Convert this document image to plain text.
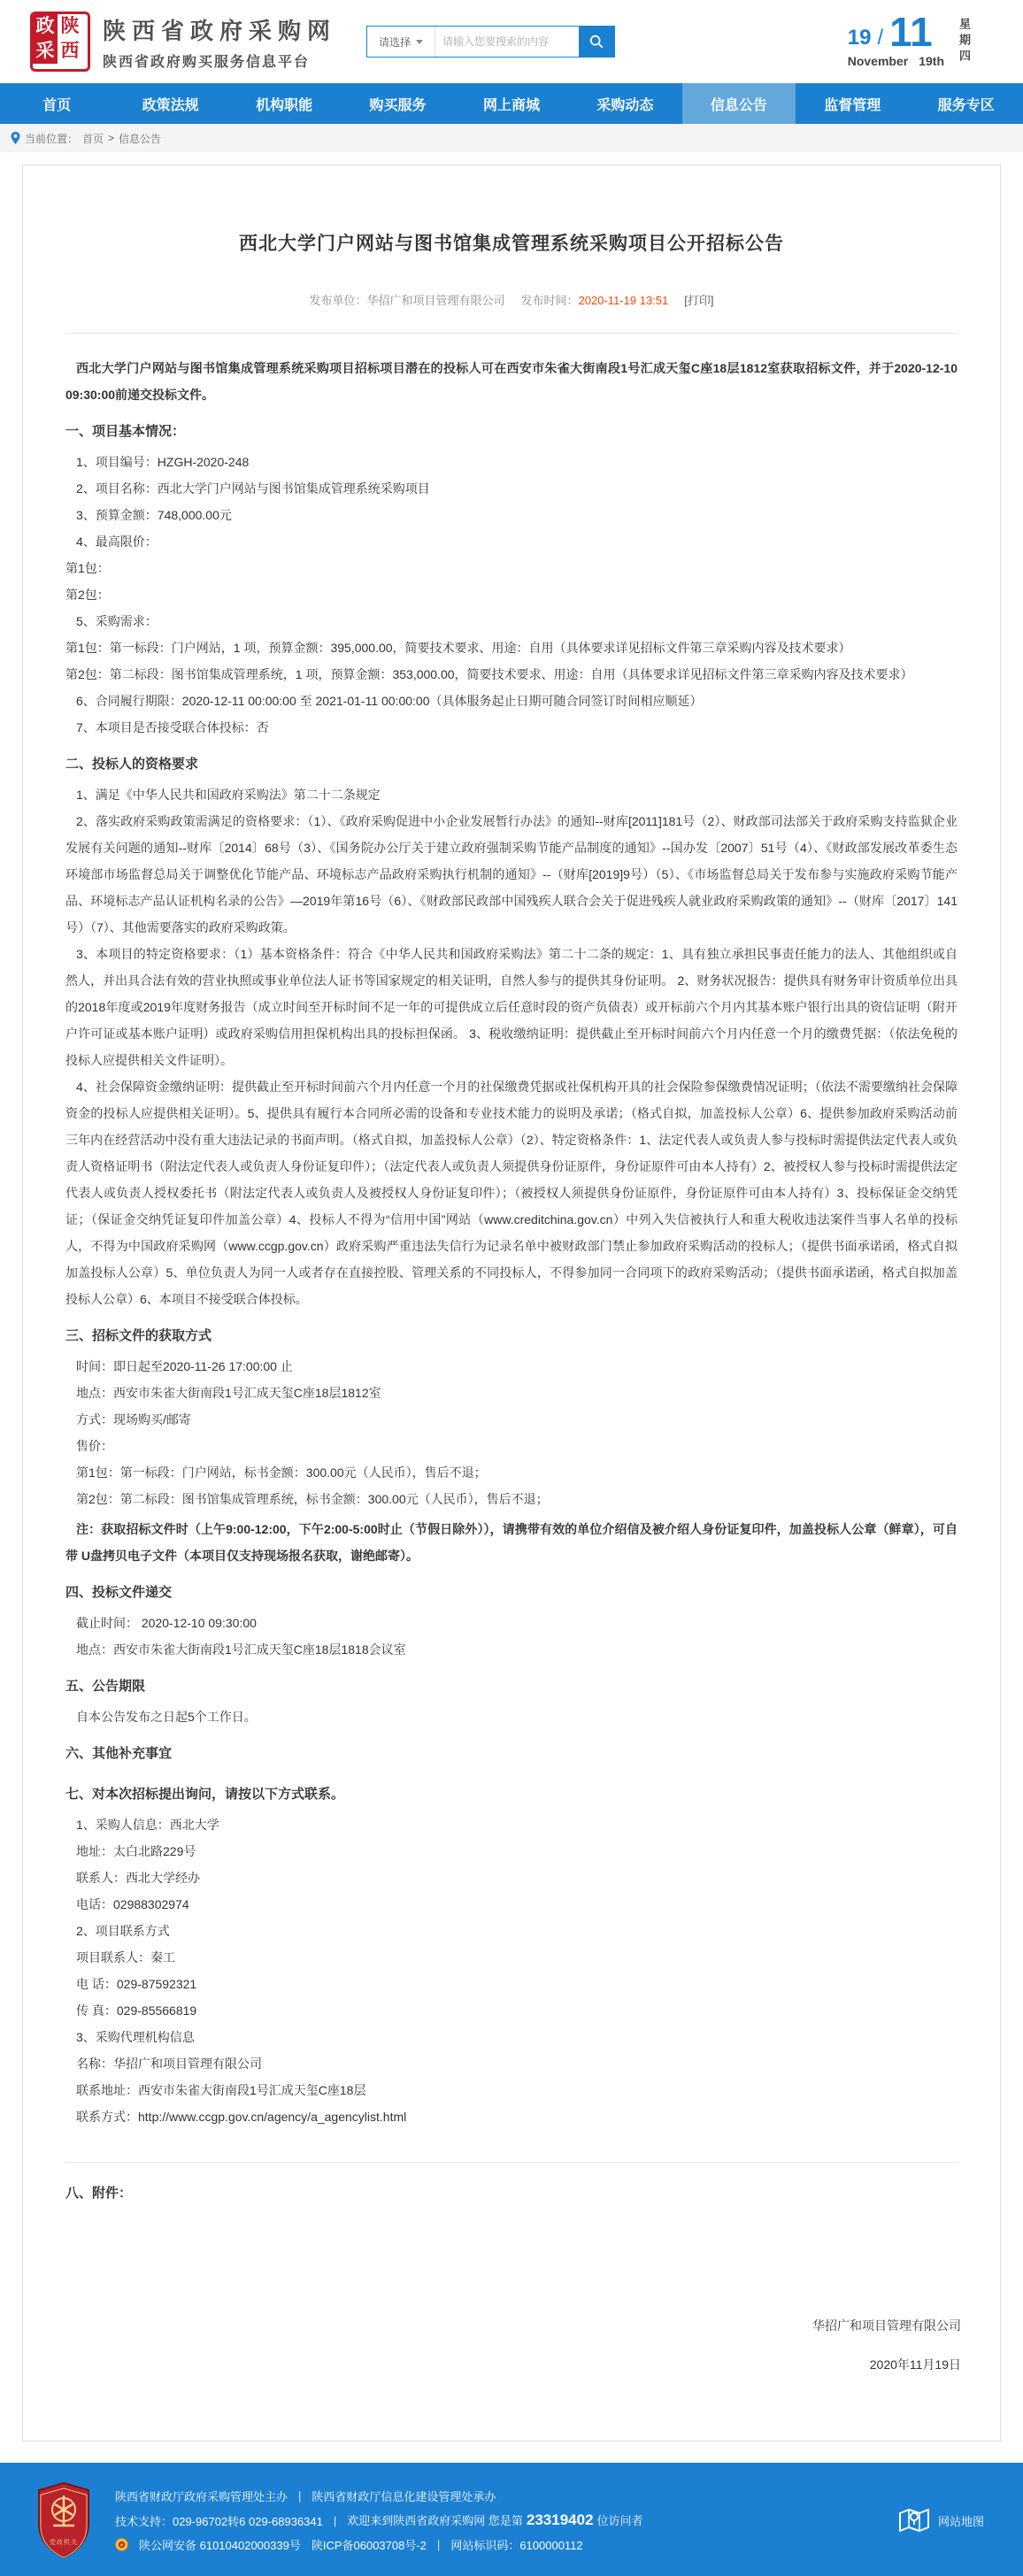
政 陕
采 西
陕西省政府采购网
陕西省政府购买服务信息平台
请选择
请输入您要搜索的内容	19 / 11
November 19th 星期四
首页	政策法规	机构职能	购买服务	网上商城	采购动态	信息公告	监督管理	服务专区
当前位置： 首页 > 信息公告
西北大学门户网站与图书馆集成管理系统采购项目公开招标公告
发布单位：华招广和项目管理有限公司 发布时间：2020-11-19 13:51 [打印]

西北大学门户网站与图书馆集成管理系统采购项目招标项目潜在的投标人可在西安市朱雀大街南段1号汇成天玺C座18层1812室获取招标文件，并于2020-12-10 09:30:00前递交投标文件。

一、项目基本情况：

1、项目编号：HZGH-2020-248

2、项目名称：西北大学门户网站与图书馆集成管理系统采购项目

3、预算金额：748,000.00元

4、最高限价：

第1包：

第2包：

5、采购需求：

第1包：第一标段：门户网站，1 项，预算金额：395,000.00，简要技术要求、用途：自用（具体要求详见招标文件第三章采购内容及技术要求）

第2包：第二标段：图书馆集成管理系统，1 项，预算金额：353,000.00，简要技术要求、用途：自用（具体要求详见招标文件第三章采购内容及技术要求）

6、合同履行期限：2020-12-11 00:00:00 至 2021-01-11 00:00:00（具体服务起止日期可随合同签订时间相应顺延）

7、本项目是否接受联合体投标：否

二、投标人的资格要求

1、满足《中华人民共和国政府采购法》第二十二条规定

2、落实政府采购政策需满足的资格要求：（1）、《政府采购促进中小企业发展暂行办法》的通知--财库[2011]181号（2）、财政部司法部关于政府采购支持监狱企业发展有关问题的通知--财库〔2014〕68号（3）、《国务院办公厅关于建立政府强制采购节能产品制度的通知》--国办发〔2007〕51号（4）、《财政部发展改革委生态环境部市场监督总局关于调整优化节能产品、环境标志产品政府采购执行机制的通知》--（财库[2019]9号）（5）、《市场监督总局关于发布参与实施政府采购节能产品、环境标志产品认证机构名录的公告》—2019年第16号（6）、《财政部民政部中国残疾人联合会关于促进残疾人就业政府采购政策的通知》--（财库〔2017〕141号）（7）、其他需要落实的政府采购政策。

3、本项目的特定资格要求：（1）基本资格条件：符合《中华人民共和国政府采购法》第二十二条的规定：1、具有独立承担民事责任能力的法人、其他组织或自然人，并出具合法有效的营业执照或事业单位法人证书等国家规定的相关证明，自然人参与的提供其身份证明。 2、财务状况报告：提供具有财务审计资质单位出具的2018年度或2019年度财务报告（成立时间至开标时间不足一年的可提供成立后任意时段的资产负债表）或开标前六个月内其基本账户银行出具的资信证明（附开户许可证或基本账户证明）或政府采购信用担保机构出具的投标担保函。 3、税收缴纳证明：提供截止至开标时间前六个月内任意一个月的缴费凭据：（依法免税的投标人应提供相关文件证明）。

4、社会保障资金缴纳证明：提供截止至开标时间前六个月内任意一个月的社保缴费凭据或社保机构开具的社会保险参保缴费情况证明；（依法不需要缴纳社会保障资金的投标人应提供相关证明）。5、提供具有履行本合同所必需的设备和专业技术能力的说明及承诺；（格式自拟，加盖投标人公章）6、提供参加政府采购活动前三年内在经营活动中没有重大违法记录的书面声明。（格式自拟，加盖投标人公章）（2）、特定资格条件：1、法定代表人或负责人参与投标时需提供法定代表人或负责人资格证明书（附法定代表人或负责人身份证复印件）；（法定代表人或负责人须提供身份证原件，身份证原件可由本人持有）2、被授权人参与投标时需提供法定代表人或负责人授权委托书（附法定代表人或负责人及被授权人身份证复印件）；（被授权人须提供身份证原件，身份证原件可由本人持有）3、投标保证金交纳凭证；（保证金交纳凭证复印件加盖公章）4、投标人不得为“信用中国”网站（www.creditchina.gov.cn）中列入失信被执行人和重大税收违法案件当事人名单的投标人，不得为中国政府采购网（www.ccgp.gov.cn）政府采购严重违法失信行为记录名单中被财政部门禁止参加政府采购活动的投标人；（提供书面承诺函，格式自拟加盖投标人公章）5、单位负责人为同一人或者存在直接控股、管理关系的不同投标人，不得参加同一合同项下的政府采购活动；（提供书面承诺函，格式自拟加盖投标人公章）6、本项目不接受联合体投标。

三、招标文件的获取方式

时间：即日起至2020-11-26 17:00:00 止

地点：西安市朱雀大街南段1号汇成天玺C座18层1812室

方式：现场购买/邮寄

售价：

第1包：第一标段：门户网站，标书金额：300.00元（人民币），售后不退；

第2包：第二标段：图书馆集成管理系统，标书金额：300.00元（人民币），售后不退；

注：获取招标文件时（上午9:00-12:00，下午2:00-5:00时止（节假日除外）），请携带有效的单位介绍信及被介绍人身份证复印件，加盖投标人公章（鲜章），可自带 U盘拷贝电子文件（本项目仅支持现场报名获取，谢绝邮寄）。

四、投标文件递交

截止时间： 2020-12-10 09:30:00

地点：西安市朱雀大街南段1号汇成天玺C座18层1818会议室

五、公告期限

自本公告发布之日起5个工作日。

六、其他补充事宜

七、对本次招标提出询问，请按以下方式联系。

1、采购人信息：西北大学

地址：太白北路229号

联系人：西北大学经办

电话：02988302974

2、项目联系方式

项目联系人：秦工

电 话：029-87592321

传 真：029-85566819

3、采购代理机构信息

名称：华招广和项目管理有限公司

联系地址：西安市朱雀大街南段1号汇成天玺C座18层

联系方式：http://www.ccgp.gov.cn/agency/a_agencylist.html

八、附件：

华招广和项目管理有限公司
2020年11月19日
党政机关
陕西省财政厅政府采购管理处主办 | 陕西省财政厅信息化建设管理处承办
技术支持：029-96702转6 029-68936341 | 欢迎来到陕西省政府采购网 您是第 23319402 位访问者
陕公网安备 61010402000339号 陕ICP备06003708号-2 | 网站标识码：6100000112
网站地图
